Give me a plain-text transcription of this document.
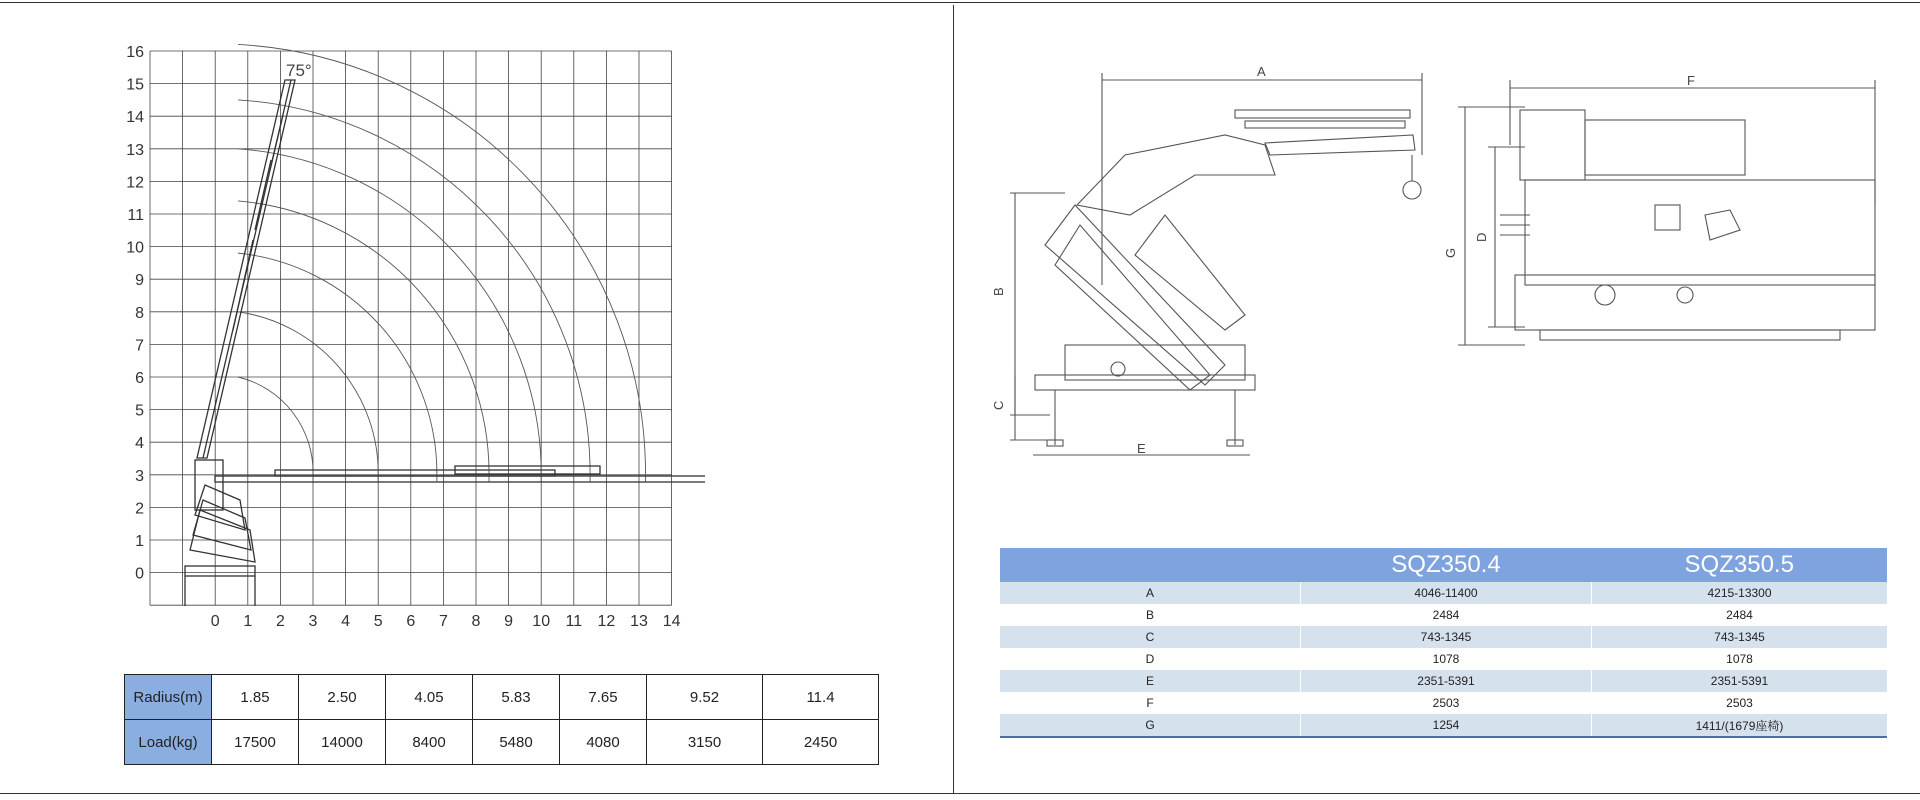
0 1 2 3 4 5 6 7 8 9 10 11 12 13 14
0
1
2
3
4
5
6
7
8
9
10
11
12
13
14
15
16
75°
Radius(m)	1.85	2.50	4.05	5.83	7.65	9.52	11.4
Load(kg)	17500	14000	8400	5480	4080	3150	2450
A
B
C
E
F
G
D
	SQZ350.4	SQZ350.5
A	4046-11400	4215-13300
B	2484	2484
C	743-1345	743-1345
D	1078	1078
E	2351-5391	2351-5391
F	2503	2503
G	1254	1411/(1679座椅)
